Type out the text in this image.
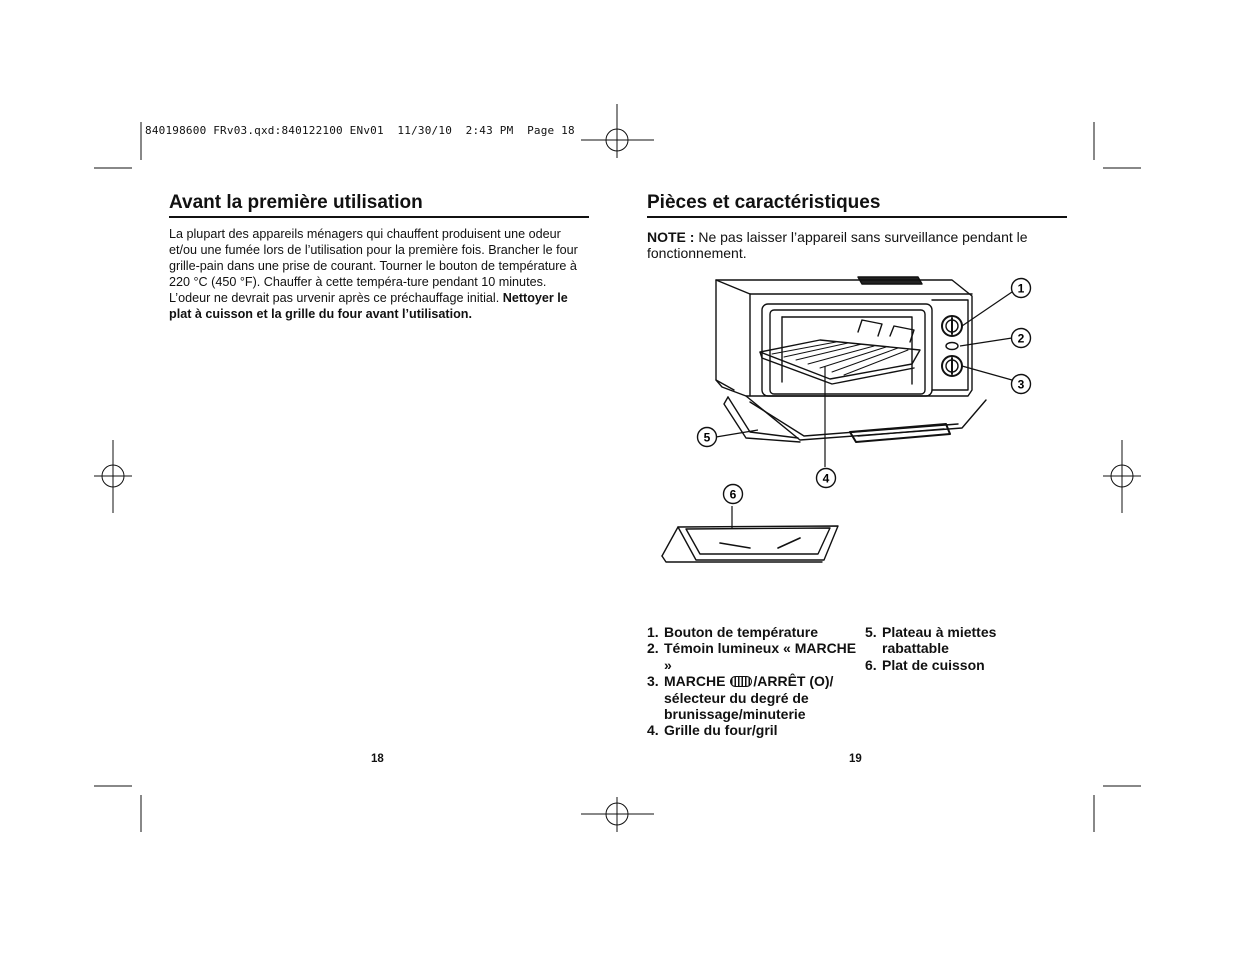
840198600 FRv03.qxd:840122100 ENv01  11/30/10  2:43 PM  Page 18
Avant la première utilisation

La plupart des appareils ménagers qui chauffent produisent une odeur et/ou une fumée lors de l’utilisation pour la première fois. Brancher le four grille-pain dans une prise de courant. Tourner le bouton de température à 220 °C (450 °F). Chauffer à cette tempéra-ture pendant 10 minutes. L’odeur ne devrait pas urvenir après ce préchauffage initial. Nettoyer le plat à cuisson et la grille du four avant l’utilisation.

18
Pièces et caractéristiques

NOTE : Ne pas laisser l’appareil sans surveillance pendant le fonctionnement.

1
2
3
4
5
6
1. Bouton de température
2. Témoin lumineux « MARCHE »
3. MARCHE /ARRÊT (O)/ sélecteur du degré de brunissage/minuterie
4. Grille du four/gril
5. Plateau à miettes rabattable
6. Plat de cuisson
19
